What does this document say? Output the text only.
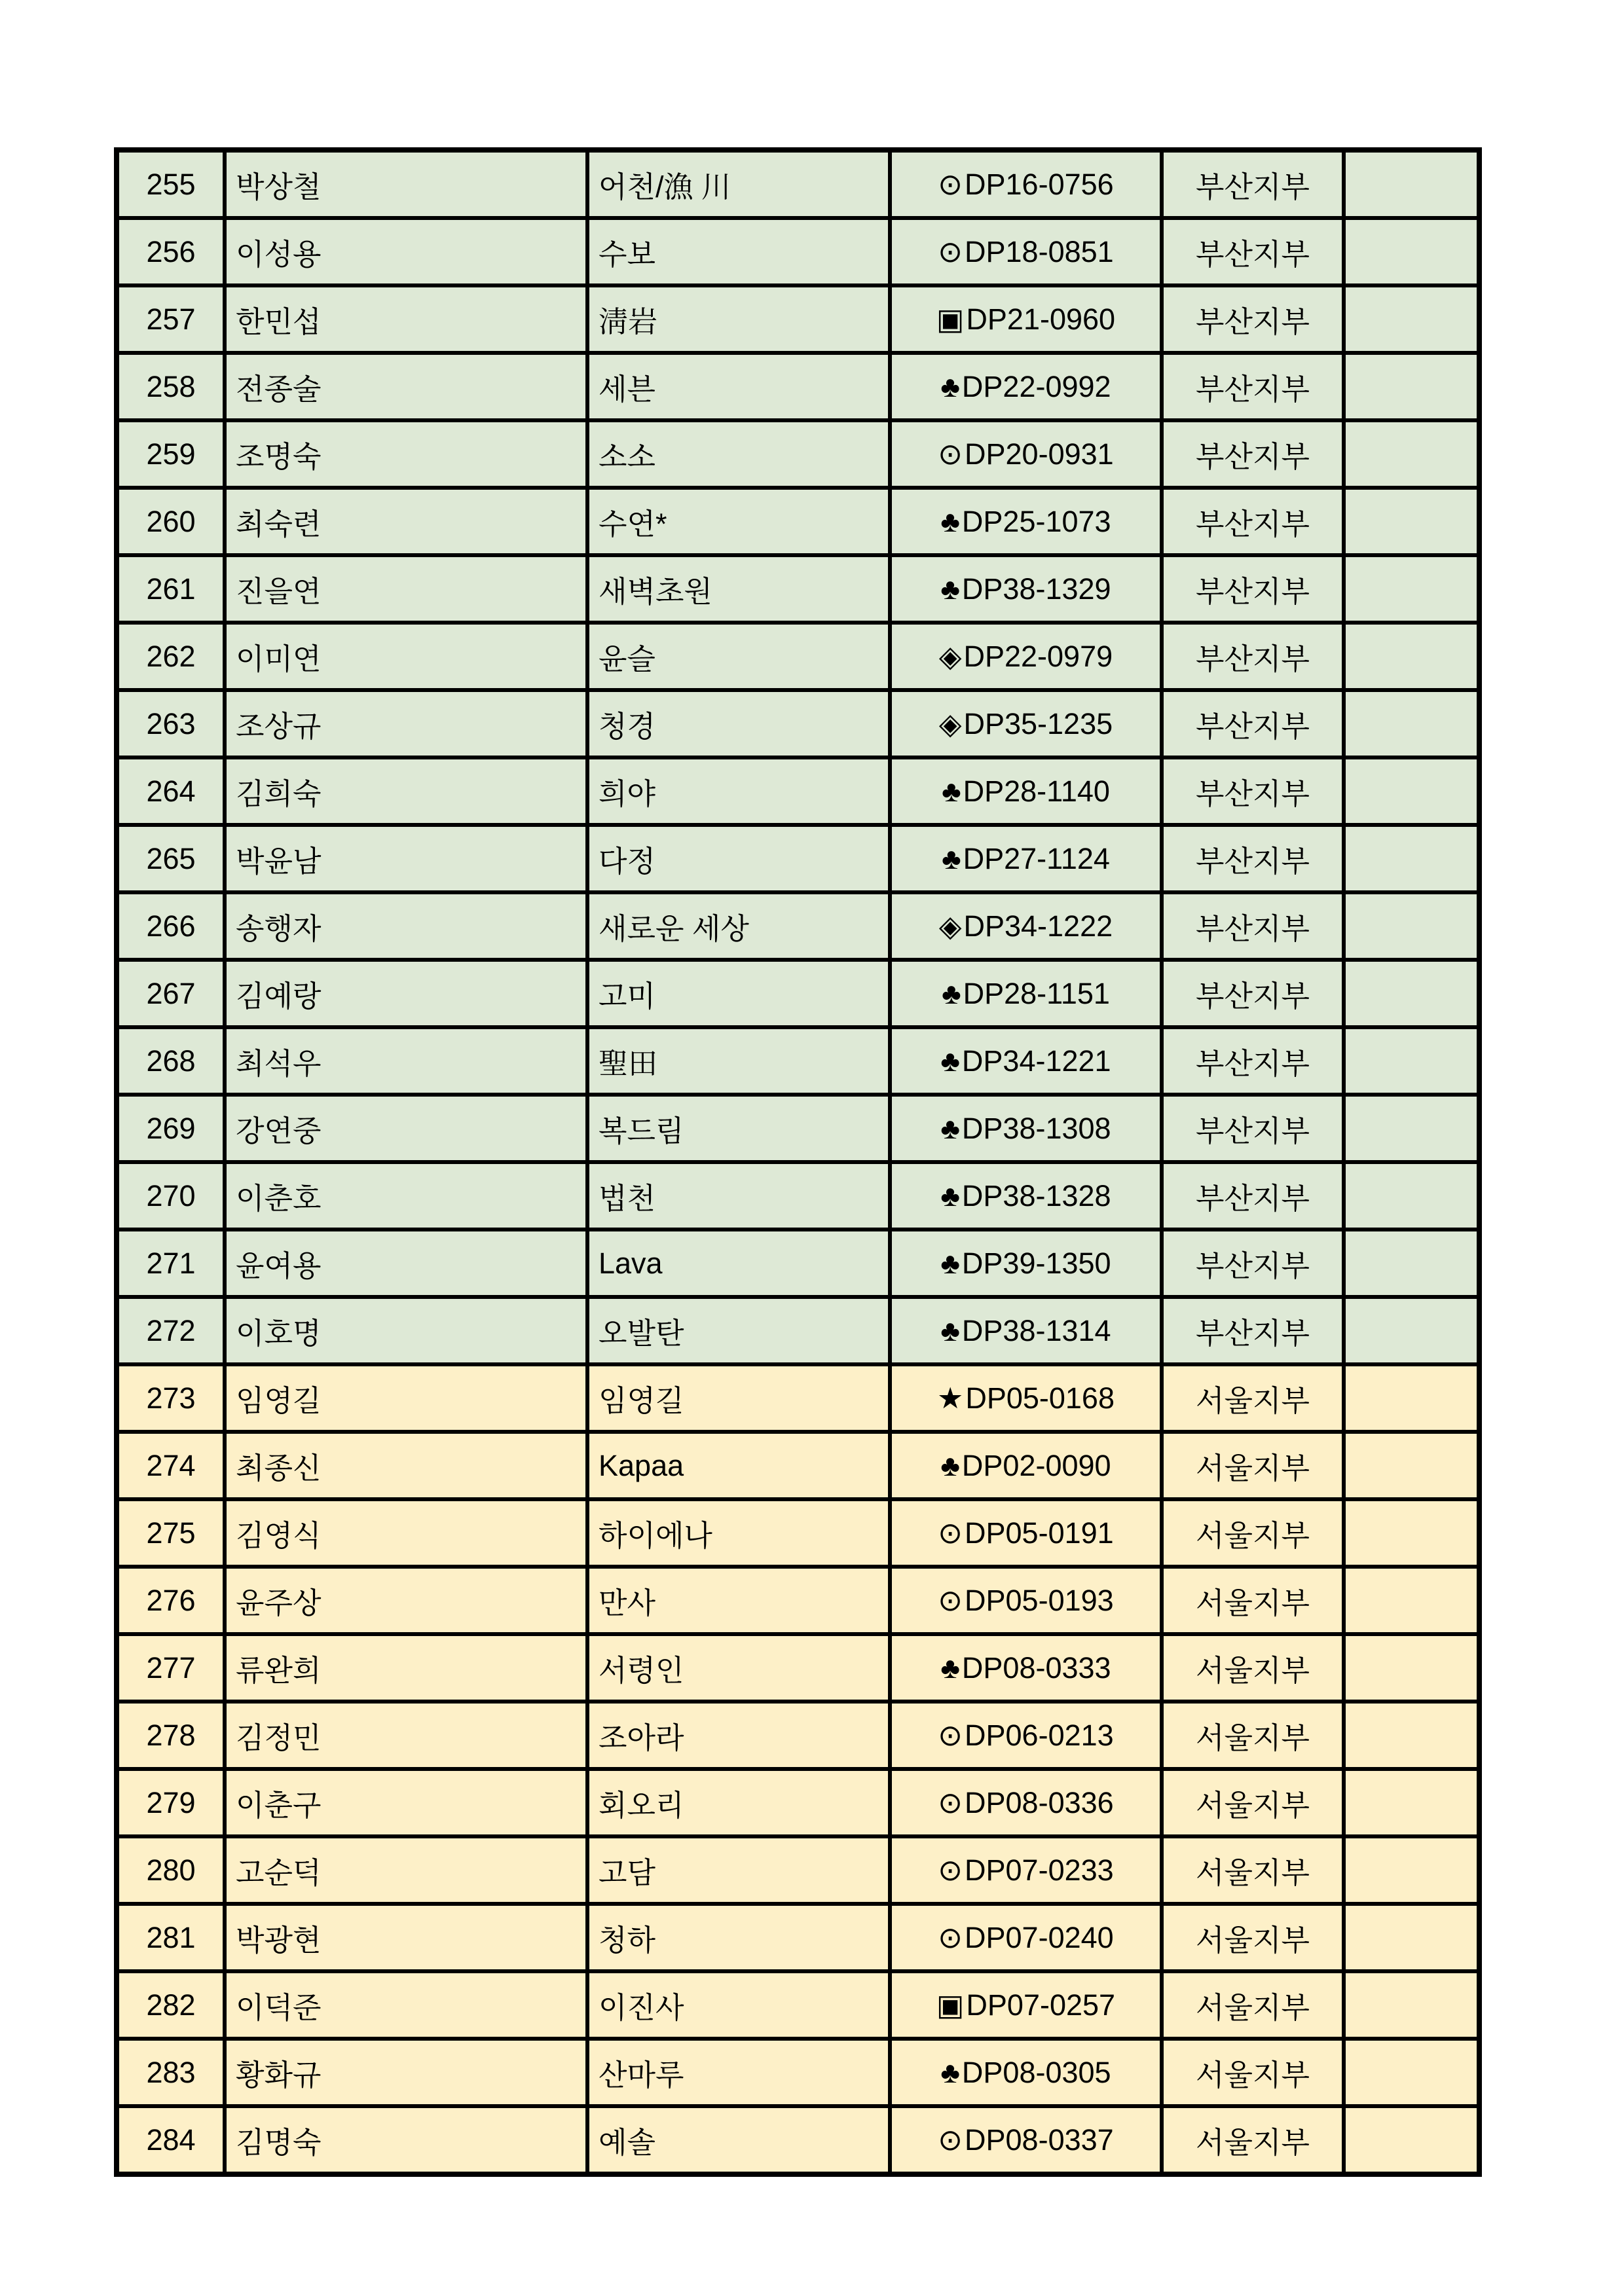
255	박상철	어천/漁 川	⊙DP16-0756	부산지부	
256	이성용	수보	⊙DP18-0851	부산지부	
257	한민섭	淸岩	▣DP21-0960	부산지부	
258	전종술	세븐	♣DP22-0992	부산지부	
259	조명숙	소소	⊙DP20-0931	부산지부	
260	최숙련	수연*	♣DP25-1073	부산지부	
261	진을연	새벽초원	♣DP38-1329	부산지부	
262	이미연	윤슬	◈DP22-0979	부산지부	
263	조상규	청경	◈DP35-1235	부산지부	
264	김희숙	희야	♣DP28-1140	부산지부	
265	박윤남	다정	♣DP27-1124	부산지부	
266	송행자	새로운 세상	◈DP34-1222	부산지부	
267	김예랑	고미	♣DP28-1151	부산지부	
268	최석우	聖田	♣DP34-1221	부산지부	
269	강연중	복드림	♣DP38-1308	부산지부	
270	이춘호	법천	♣DP38-1328	부산지부	
271	윤여용	Lava	♣DP39-1350	부산지부	
272	이호명	오발탄	♣DP38-1314	부산지부	
273	임영길	임영길	★DP05-0168	서울지부	
274	최종신	Kapaa	♣DP02-0090	서울지부	
275	김영식	하이에나	⊙DP05-0191	서울지부	
276	윤주상	만사	⊙DP05-0193	서울지부	
277	류완희	서령인	♣DP08-0333	서울지부	
278	김정민	조아라	⊙DP06-0213	서울지부	
279	이춘구	회오리	⊙DP08-0336	서울지부	
280	고순덕	고담	⊙DP07-0233	서울지부	
281	박광현	청하	⊙DP07-0240	서울지부	
282	이덕준	이진사	▣DP07-0257	서울지부	
283	황화규	산마루	♣DP08-0305	서울지부	
284	김명숙	예솔	⊙DP08-0337	서울지부	
